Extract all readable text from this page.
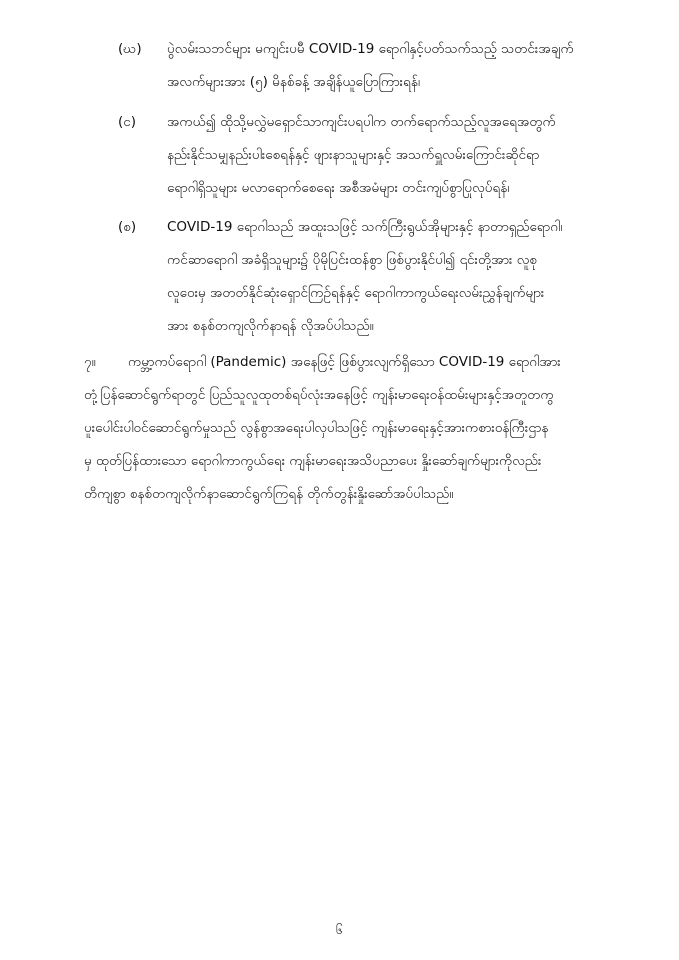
(ဃ) ပွဲလမ်းသဘင်များ မကျင်းပမီ COVID-19 ရောဂါနှင့်ပတ်သက်သည့် သတင်းအချက်
အလက်များအား (၅) မိနစ်ခန့် အချိန်ယူပြောကြားရန်၊
(င) အကယ်၍ ထိုသို့မလွှဲမရှောင်သာကျင်းပရပါက တက်ရောက်သည့်လူအရေအတွက်
နည်းနိုင်သမျှနည်းပါးစေရန်နှင့် ဖျားနာသူများနှင့် အသက်ရှူလမ်းကြောင်းဆိုင်ရာ
ရောဂါရှိသူများ မလာရောက်စေရေး အစီအမံများ တင်းကျပ်စွာပြုလုပ်ရန်၊
(စ) COVID-19 ရောဂါသည် အထူးသဖြင့် သက်ကြီးရွယ်အိုများနှင့် နာတာရှည်ရောဂါ၊
ကင်ဆာရောဂါ အခံရှိသူများ၌ ပိုမိုပြင်းထန်စွာ ဖြစ်ပွားနိုင်ပါ၍ ၎င်းတို့အား လူစု
လူဝေးမှ အတတ်နိုင်ဆုံးရှောင်ကြဉ်ရန်နှင့် ရောဂါကာကွယ်ရေးလမ်းညွှန်ချက်များ
အား စနစ်တကျလိုက်နာရန် လိုအပ်ပါသည်။
၇။ ကမ္ဘာ့ကပ်ရောဂါ (Pandemic) အနေဖြင့် ဖြစ်ပွားလျက်ရှိသော COVID-19 ရောဂါအား
တုံ့ပြန်ဆောင်ရွက်ရာတွင် ပြည်သူလူထုတစ်ရပ်လုံးအနေဖြင့် ကျန်းမာရေးဝန်ထမ်းများနှင့်အတူတကွ
ပူးပေါင်းပါဝင်ဆောင်ရွက်မှုသည် လွန်စွာအရေးပါလှပါသဖြင့် ကျန်းမာရေးနှင့်အားကစားဝန်ကြီးဌာန
မှ ထုတ်ပြန်ထားသော ရောဂါကာကွယ်ရေး ကျန်းမာရေးအသိပညာပေး နှိုးဆော်ချက်များကိုလည်း
တိကျစွာ စနစ်တကျလိုက်နာဆောင်ရွက်ကြရန် တိုက်တွန်းနှိုးဆော်အပ်ပါသည်။
၆
